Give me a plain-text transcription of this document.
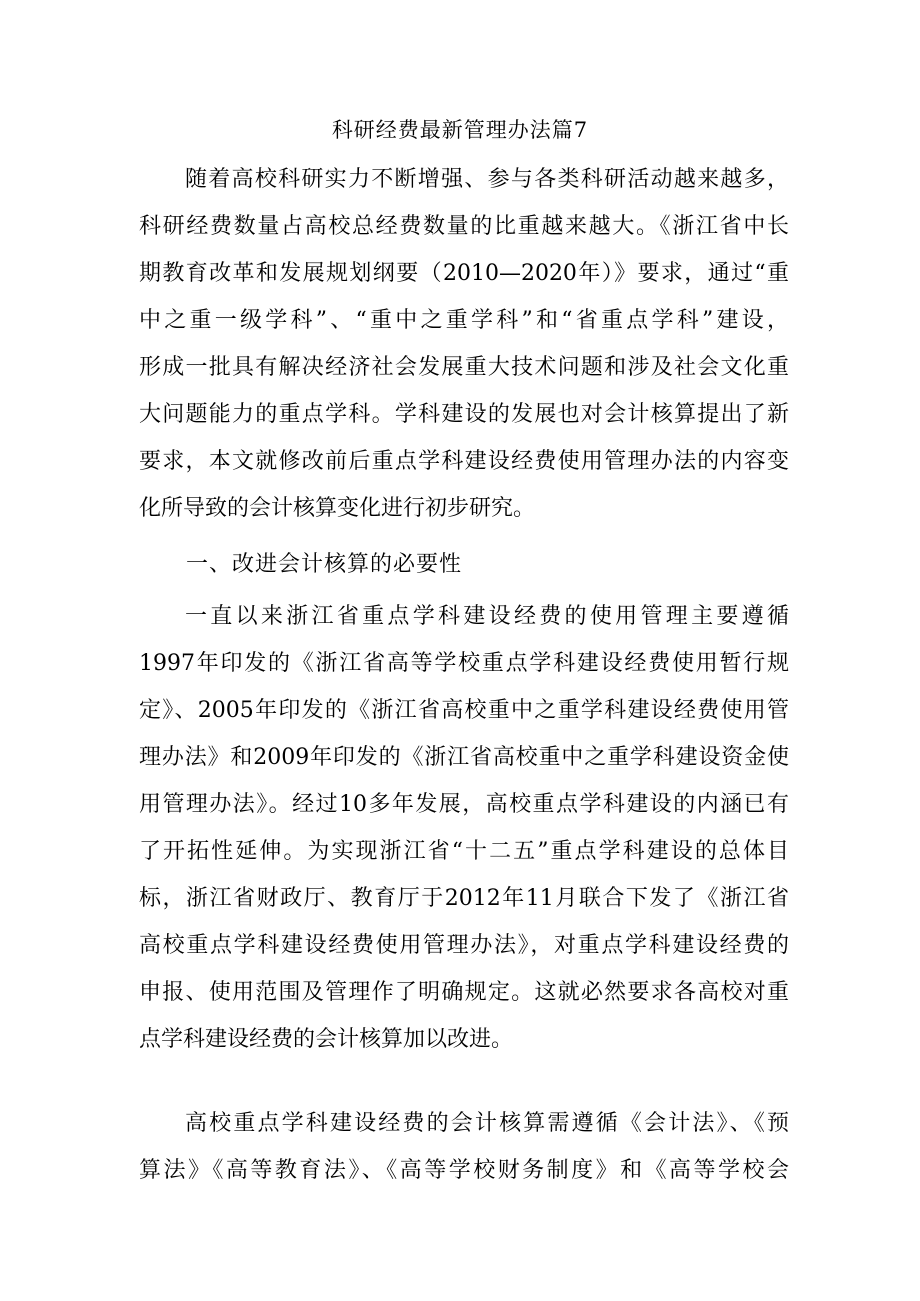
科研经费最新管理办法篇7
随着高校科研实力不断增强、参与各类科研活动越来越多，
科研经费数量占高校总经费数量的比重越来越大。《浙江省中长
期教育改革和发展规划纲要（2010—2020年）》要求，通过“重
中之重一级学科”、“重中之重学科”和“省重点学科”建设，
形成一批具有解决经济社会发展重大技术问题和涉及社会文化重
大问题能力的重点学科。学科建设的发展也对会计核算提出了新
要求，本文就修改前后重点学科建设经费使用管理办法的内容变
化所导致的会计核算变化进行初步研究。
一、改进会计核算的必要性
一直以来浙江省重点学科建设经费的使用管理主要遵循
1997年印发的《浙江省高等学校重点学科建设经费使用暂行规
定》、2005年印发的《浙江省高校重中之重学科建设经费使用管
理办法》和2009年印发的《浙江省高校重中之重学科建设资金使
用管理办法》。经过10多年发展，高校重点学科建设的内涵已有
了开拓性延伸。为实现浙江省“十二五”重点学科建设的总体目
标，浙江省财政厅、教育厅于2012年11月联合下发了《浙江省
高校重点学科建设经费使用管理办法》，对重点学科建设经费的
申报、使用范围及管理作了明确规定。这就必然要求各高校对重
点学科建设经费的会计核算加以改进。
高校重点学科建设经费的会计核算需遵循《会计法》、《预
算法》《高等教育法》、《高等学校财务制度》和《高等学校会
